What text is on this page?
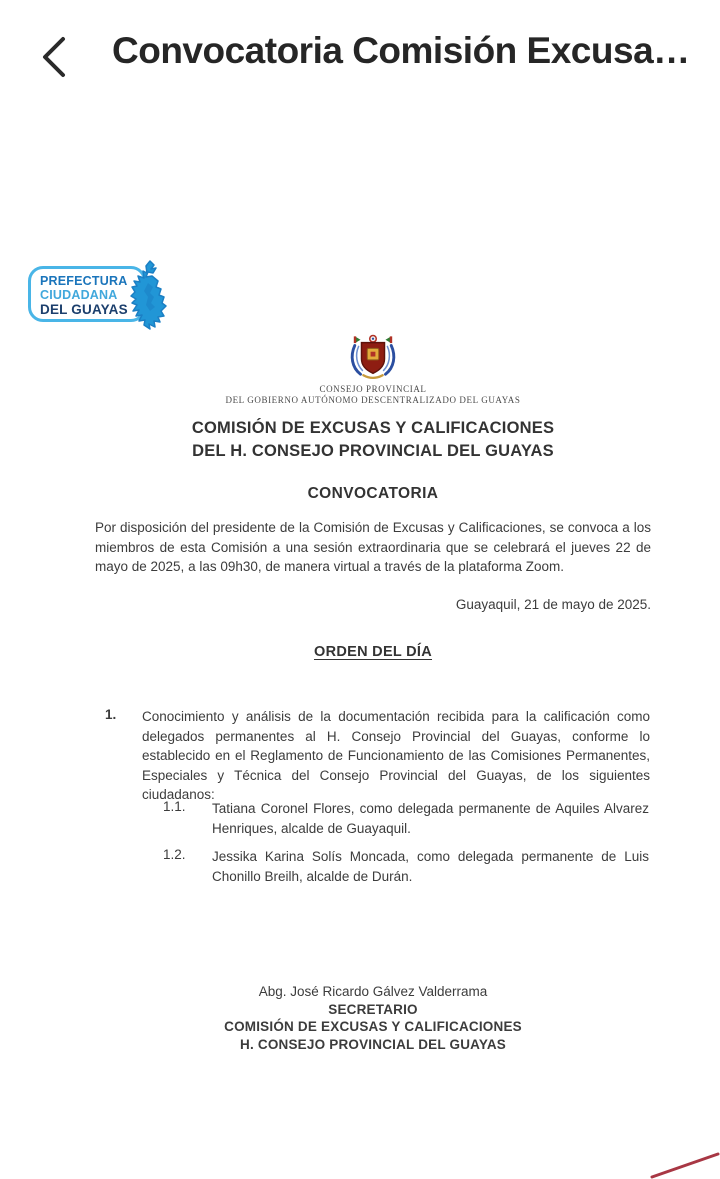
Convocatoria Comisión Excusa…
PREFECTURA
CIUDADANA
DEL GUAYAS
CONSEJO PROVINCIAL
DEL GOBIERNO AUTÓNOMO DESCENTRALIZADO DEL GUAYAS
COMISIÓN DE EXCUSAS Y CALIFICACIONES
DEL H. CONSEJO PROVINCIAL DEL GUAYAS
CONVOCATORIA
Por disposición del presidente de la Comisión de Excusas y Calificaciones, se convoca a los miembros de esta Comisión a una sesión extraordinaria que se celebrará el jueves 22 de mayo de 2025, a las 09h30, de manera virtual a través de la plataforma Zoom.
Guayaquil, 21 de mayo de 2025.
ORDEN DEL DÍA
1. Conocimiento y análisis de la documentación recibida para la calificación como delegados permanentes al H. Consejo Provincial del Guayas, conforme lo establecido en el Reglamento de Funcionamiento de las Comisiones Permanentes, Especiales y Técnica del Consejo Provincial del Guayas, de los siguientes ciudadanos:
1.1. Tatiana Coronel Flores, como delegada permanente de Aquiles Alvarez Henriques, alcalde de Guayaquil.
1.2. Jessika Karina Solís Moncada, como delegada permanente de Luis Chonillo Breilh, alcalde de Durán.
Abg. José Ricardo Gálvez Valderrama
SECRETARIO
COMISIÓN DE EXCUSAS Y CALIFICACIONES
H. CONSEJO PROVINCIAL DEL GUAYAS
